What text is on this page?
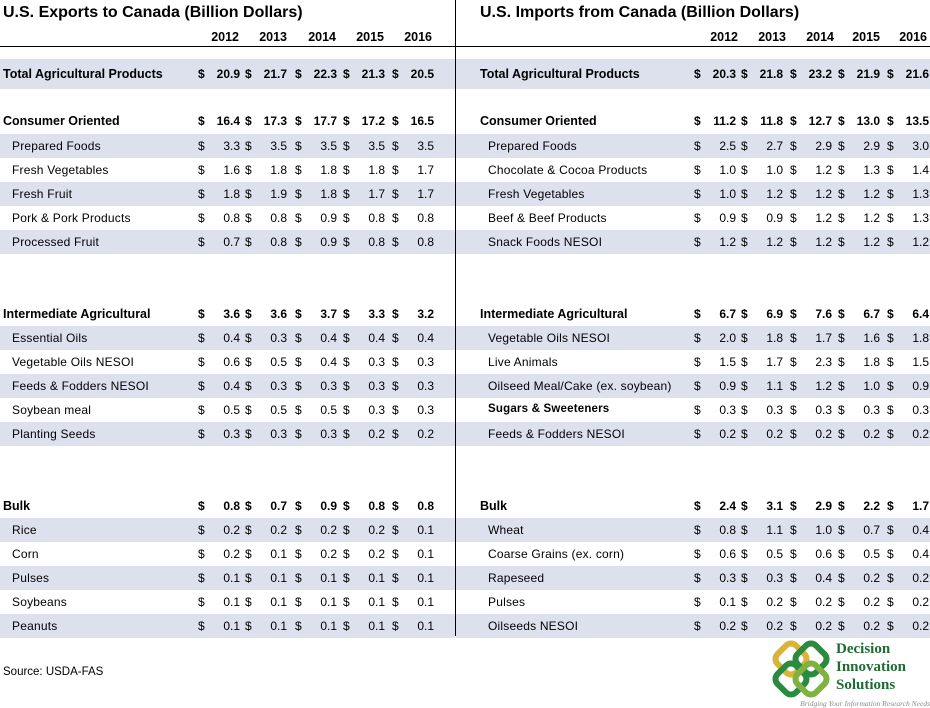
U.S. Exports to Canada (Billion Dollars)
2012	2013	2014	2015	2016
Total Agricultural Products	$ 20.9 $ 21.7 $ 22.3 $ 21.3 $ 20.5
Consumer Oriented	$ 16.4 $ 17.3 $ 17.7 $ 17.2 $ 16.5
Prepared Foods	$ 3.3 $ 3.5 $ 3.5 $ 3.5 $ 3.5
Fresh Vegetables	$ 1.6 $ 1.8 $ 1.8 $ 1.8 $ 1.7
Fresh Fruit	$ 1.8 $ 1.9 $ 1.8 $ 1.7 $ 1.7
Pork & Pork Products	$ 0.8 $ 0.8 $ 0.9 $ 0.8 $ 0.8
Processed Fruit	$ 0.7 $ 0.8 $ 0.9 $ 0.8 $ 0.8
Intermediate Agricultural	$ 3.6 $ 3.6 $ 3.7 $ 3.3 $ 3.2
Essential Oils	$ 0.4 $ 0.3 $ 0.4 $ 0.4 $ 0.4
Vegetable Oils NESOI	$ 0.6 $ 0.5 $ 0.4 $ 0.3 $ 0.3
Feeds & Fodders NESOI	$ 0.4 $ 0.3 $ 0.3 $ 0.3 $ 0.3
Soybean meal	$ 0.5 $ 0.5 $ 0.5 $ 0.3 $ 0.3
Planting Seeds	$ 0.3 $ 0.3 $ 0.3 $ 0.2 $ 0.2
Bulk	$ 0.8 $ 0.7 $ 0.9 $ 0.8 $ 0.8
Rice	$ 0.2 $ 0.2 $ 0.2 $ 0.2 $ 0.1
Corn	$ 0.2 $ 0.1 $ 0.2 $ 0.2 $ 0.1
Pulses	$ 0.1 $ 0.1 $ 0.1 $ 0.1 $ 0.1
Soybeans	$ 0.1 $ 0.1 $ 0.1 $ 0.1 $ 0.1
Peanuts	$ 0.1 $ 0.1 $ 0.1 $ 0.1 $ 0.1
U.S. Imports from Canada (Billion Dollars)
2012	2013	2014	2015	2016
Total Agricultural Products	$ 20.3 $ 21.8 $ 23.2 $ 21.9 $ 21.6
Consumer Oriented	$ 11.2 $ 11.8 $ 12.7 $ 13.0 $ 13.5
Prepared Foods	$ 2.5 $ 2.7 $ 2.9 $ 2.9 $ 3.0
Chocolate & Cocoa Products	$ 1.0 $ 1.0 $ 1.2 $ 1.3 $ 1.4
Fresh Vegetables	$ 1.0 $ 1.2 $ 1.2 $ 1.2 $ 1.3
Beef & Beef Products	$ 0.9 $ 0.9 $ 1.2 $ 1.2 $ 1.3
Snack Foods NESOI	$ 1.2 $ 1.2 $ 1.2 $ 1.2 $ 1.2
Intermediate Agricultural	$ 6.7 $ 6.9 $ 7.6 $ 6.7 $ 6.4
Vegetable Oils NESOI	$ 2.0 $ 1.8 $ 1.7 $ 1.6 $ 1.8
Live Animals	$ 1.5 $ 1.7 $ 2.3 $ 1.8 $ 1.5
Oilseed Meal/Cake (ex. soybean) $ 0.9 $ 1.1 $ 1.2 $ 1.0 $ 0.9
Sugars & Sweeteners	$ 0.3 $ 0.3 $ 0.3 $ 0.3 $ 0.3
Feeds & Fodders NESOI	$ 0.2 $ 0.2 $ 0.2 $ 0.2 $ 0.2
Bulk	$ 2.4 $ 3.1 $ 2.9 $ 2.2 $ 1.7
Wheat	$ 0.8 $ 1.1 $ 1.0 $ 0.7 $ 0.4
Coarse Grains (ex. corn)	$ 0.6 $ 0.5 $ 0.6 $ 0.5 $ 0.4
Rapeseed	$ 0.3 $ 0.3 $ 0.4 $ 0.2 $ 0.2
Pulses	$ 0.1 $ 0.2 $ 0.2 $ 0.2 $ 0.2
Oilseeds NESOI	$ 0.2 $ 0.2 $ 0.2 $ 0.2 $ 0.2
Source: USDA-FAS
Decision
Innovation
Solutions
Bridging Your Information Research Needs
